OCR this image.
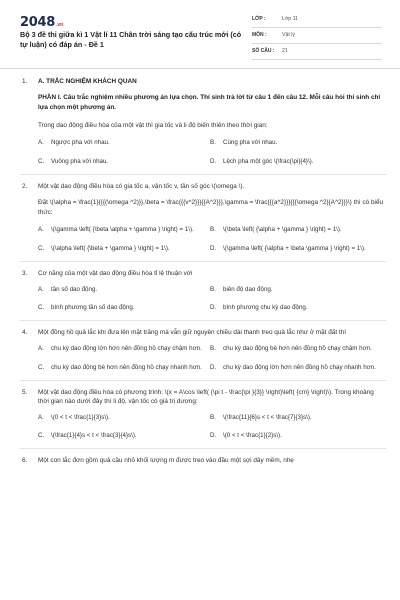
2048 .vn
Bộ 3 đề thi giữa kì 1 Vật lí 11 Chân trời sáng tạo cấu trúc mới (có tự luận) có đáp án - Đề 1
LỚP :	Lớp 11
MÔN :	Vật lý
SỐ CÂU :	21
1. A. TRẮC NGHIỆM KHÁCH QUAN
PHẦN I. Câu trắc nghiệm nhiều phương án lựa chọn. Thí sinh trả lời từ câu 1 đến câu 12. Mỗi câu hỏi thí sinh chỉ lựa chọn một phương án.
Trong dao động điều hòa của một vật thì gia tốc và li độ biến thiên theo thời gian:
A.	Ngược pha với nhau.	B.	Cùng pha với nhau.
C.	Vuông pha với nhau.	D.	Lệch pha một góc \(\frac{\pi}{4}\).
2. Một vật dao động điều hòa có gia tốc a, vận tốc v, tần số góc \(\omega \).
Đặt \(\alpha = \frac{1}{{{(\omega ^2)}},\beta = \frac{{{v^2}}}{{A^2}}},\gamma = \frac{{{a^2}}}{{{\omega ^2}{A^2}}}\) thì có biểu thức:
A.	\(\gamma \left( {\beta \alpha + \gamma } \right) = 1\).	B.	\(\beta \left( {\alpha + \gamma } \right) = 1\).
C.	\(\alpha \left( {\beta + \gamma } \right) = 1\).	D.	\(\gamma \left( {\alpha + \beta \gamma } \right) = 1\).
3. Cơ năng của một vật dao động điều hòa tỉ lệ thuận với
A.	tần số dao động.	B.	biên độ dao động.
C.	bình phương tần số dao động.	D.	bình phương chu kỳ dao động.
4. Một đồng hồ quả lắc khi đưa lên mặt trăng mà vẫn giữ nguyên chiều dài thanh treo quả lắc như ở mặt đất thì
A.	chu kỳ dao động lớn hơn nên đồng hồ chạy chậm hơn.	B.	chu kỳ dao động bé hơn nên đồng hồ chạy chậm hơn.
C.	chu kỳ dao động bé hơn nên đồng hồ chạy nhanh hơn.	D.	chu kỳ dao động lớn hơn nên đồng hồ chạy nhanh hơn.
5. Một vật dao động điều hòa có phương trình: \(x = A\cos \left( {\pi t - \frac{\pi }{3}} \right)\left( {cm} \right)\). Trong khoảng thời gian nào dưới đây thì li độ, vận tốc có giá trị dương:
A.	\(0 < t < \frac{1}{3}s\).	B.	\(\frac{11}{6}s < t < \frac{7}{3}s\).
C.	\(\frac{1}{4}s < t < \frac{3}{4}s\).	D.	\(0 < t < \frac{1}{2}s\).
6. Một con lắc đơn gồm quả cầu nhỏ khối lượng m được treo vào đầu một sợi dây mềm, nhẹ
